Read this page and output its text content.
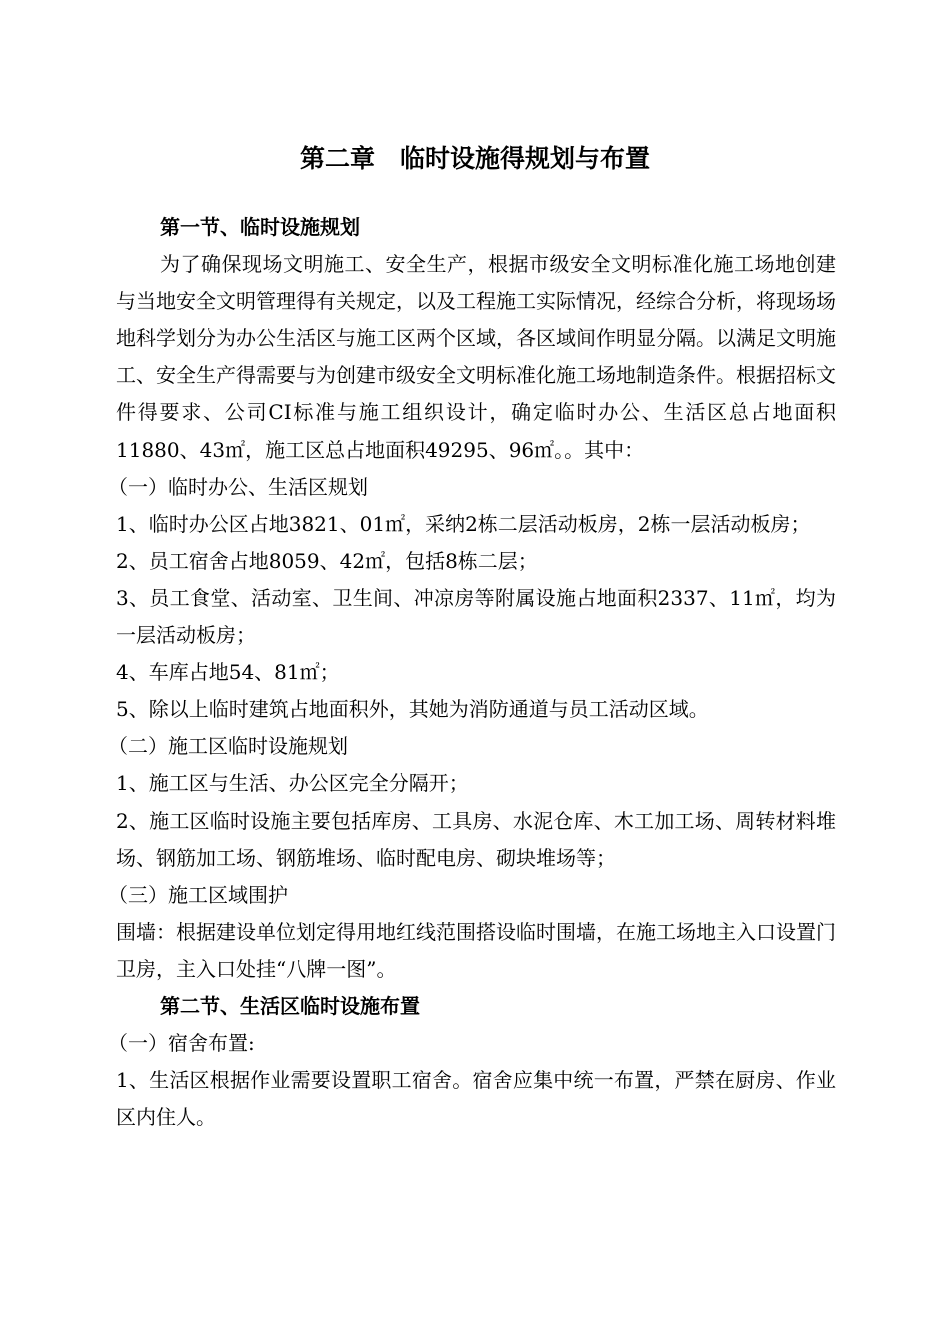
第二章　临时设施得规划与布置

第一节、临时设施规划

为了确保现场文明施工、安全生产，根据市级安全文明标准化施工场地创建与当地安全文明管理得有关规定，以及工程施工实际情况，经综合分析，将现场场地科学划分为办公生活区与施工区两个区域，各区域间作明显分隔。以满足文明施工、安全生产得需要与为创建市级安全文明标准化施工场地制造条件。根据招标文件得要求、公司CI标准与施工组织设计，确定临时办公、生活区总占地面积11880、43㎡，施工区总占地面积49295、96㎡。。其中：

（一）临时办公、生活区规划

1、临时办公区占地3821、01㎡，采纳2栋二层活动板房，2栋一层活动板房；

2、员工宿舍占地8059、42㎡，包括8栋二层；

3、员工食堂、活动室、卫生间、冲凉房等附属设施占地面积2337、11㎡，均为一层活动板房；

4、车库占地54、81㎡；

5、除以上临时建筑占地面积外，其她为消防通道与员工活动区域。

（二）施工区临时设施规划

1、施工区与生活、办公区完全分隔开；

2、施工区临时设施主要包括库房、工具房、水泥仓库、木工加工场、周转材料堆场、钢筋加工场、钢筋堆场、临时配电房、砌块堆场等；

（三）施工区域围护

围墙：根据建设单位划定得用地红线范围搭设临时围墙，在施工场地主入口设置门卫房，主入口处挂“八牌一图”。

第二节、生活区临时设施布置

（一）宿舍布置:

1、生活区根据作业需要设置职工宿舍。宿舍应集中统一布置，严禁在厨房、作业区内住人。
